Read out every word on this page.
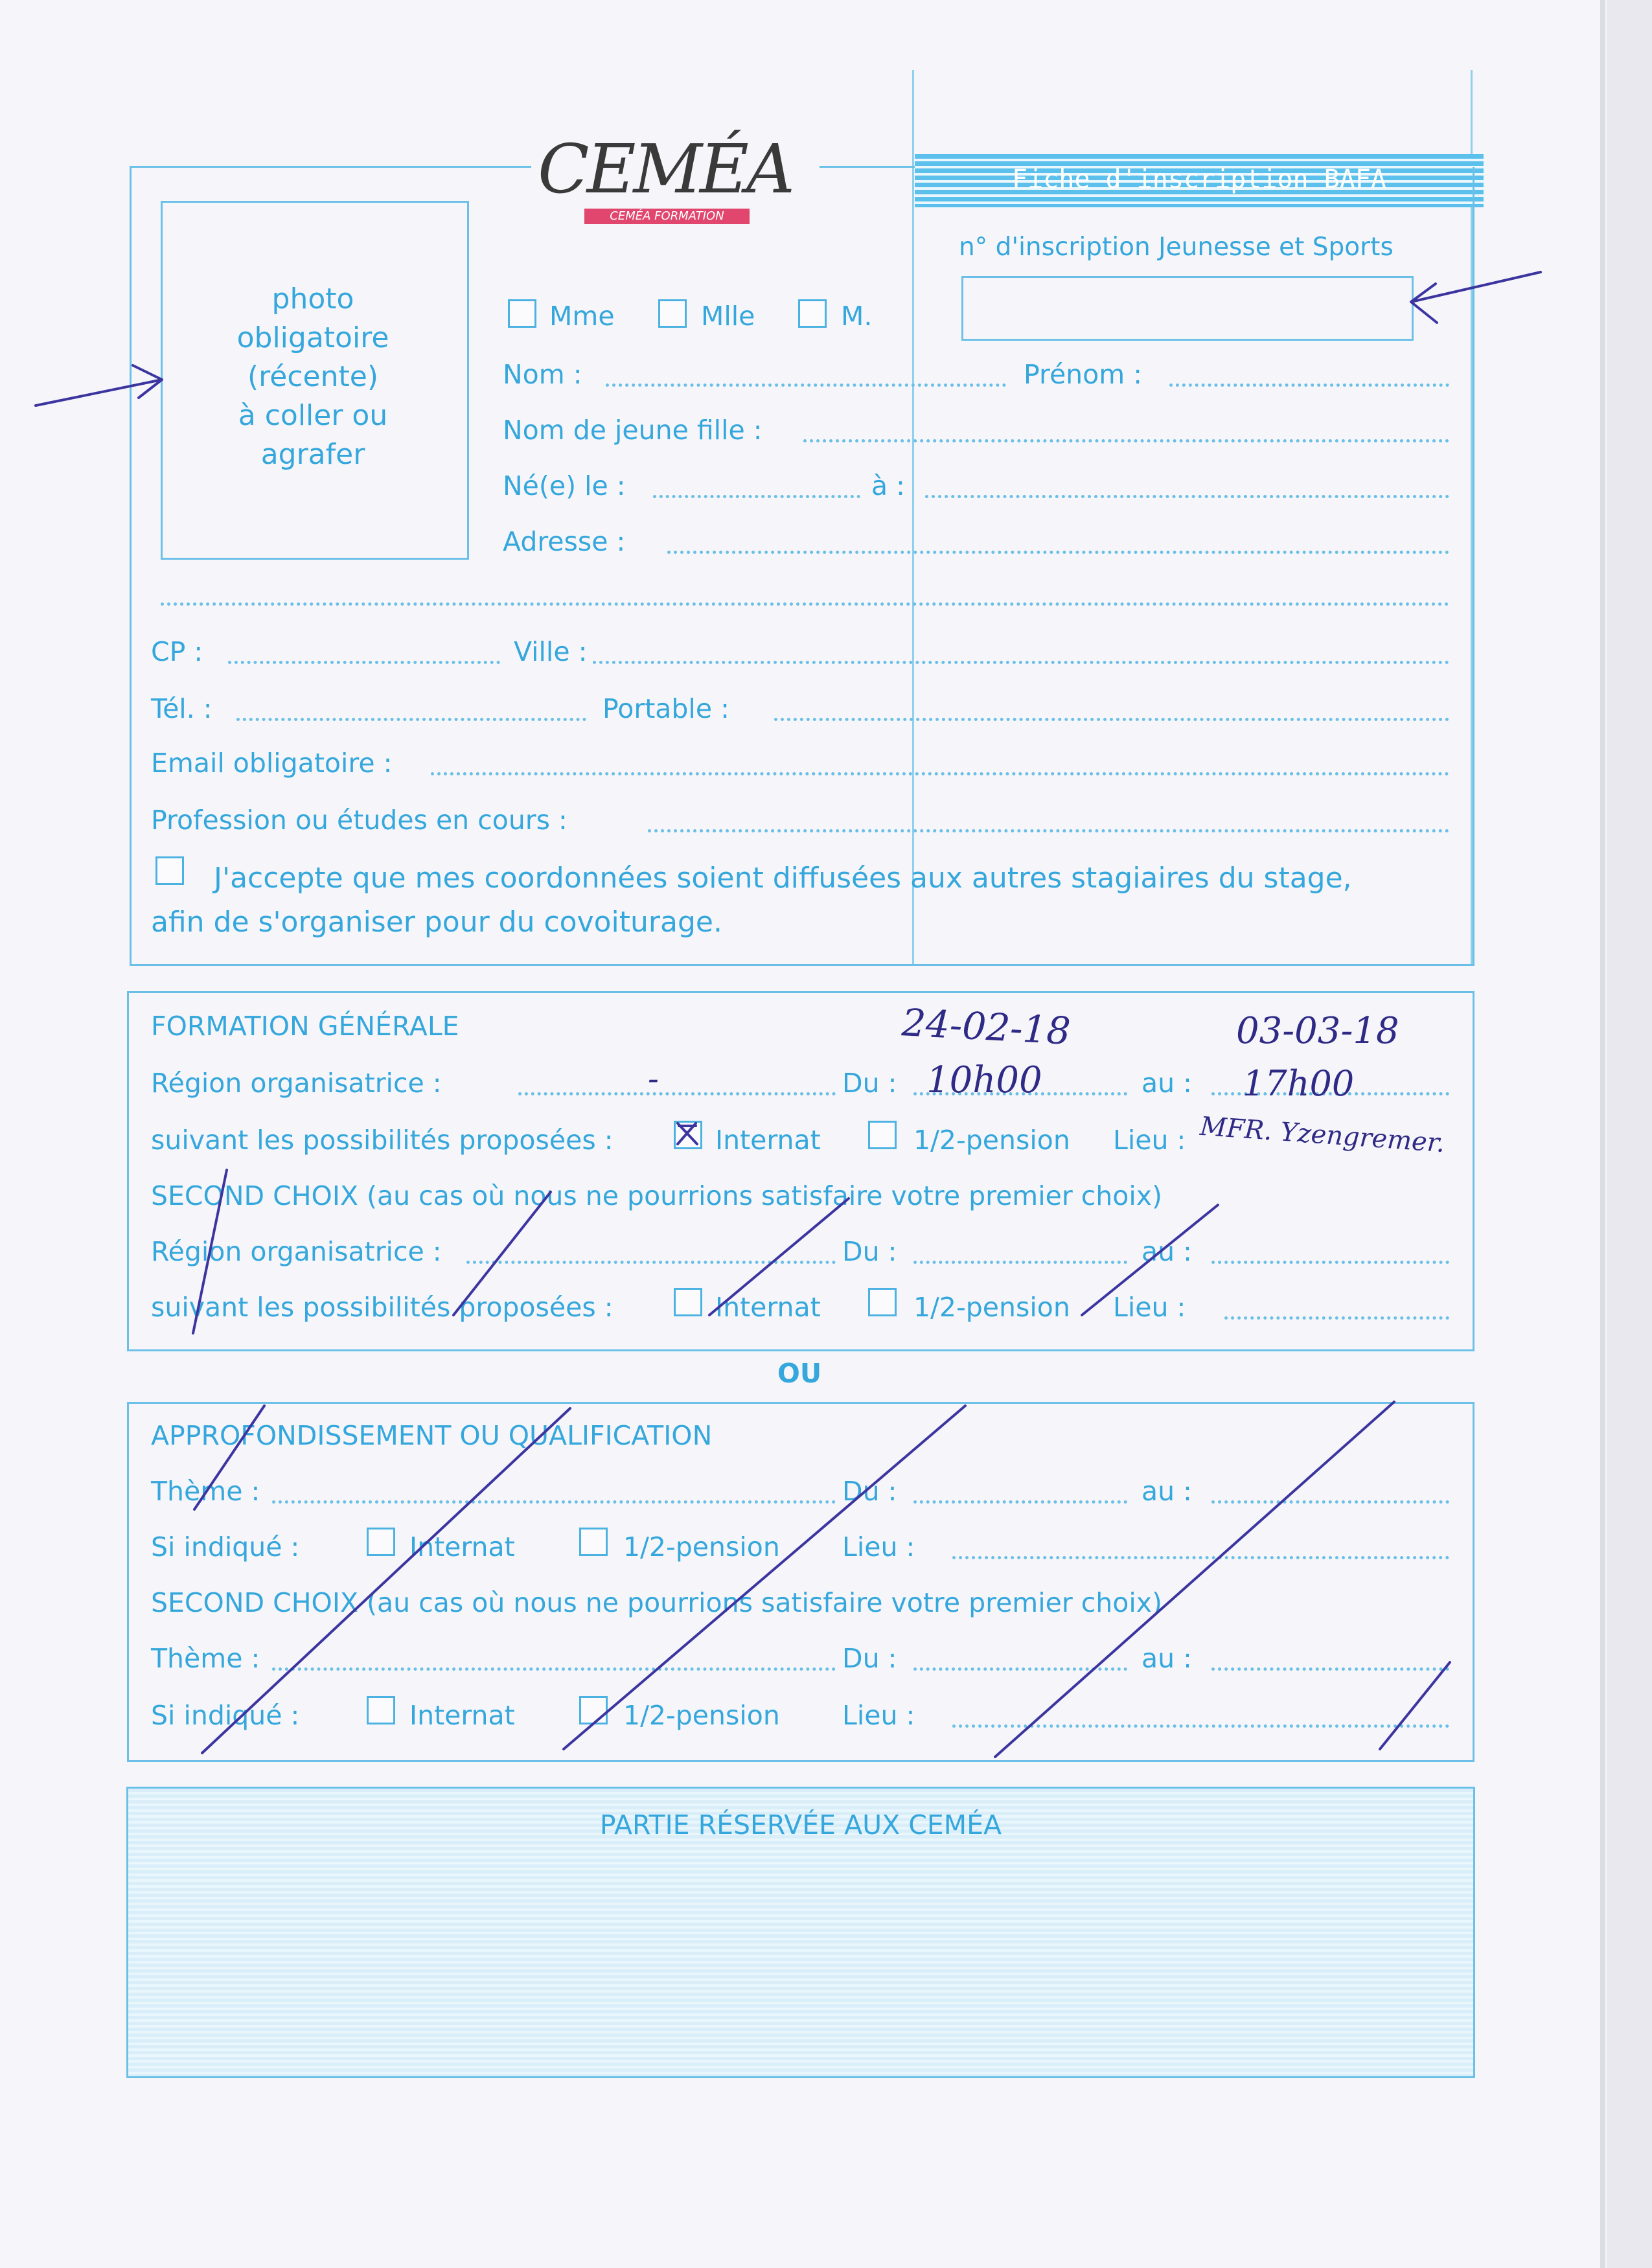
CEMÉA
CEMÉA FORMATION
Fiche d'inscription BAFA
n° d'inscription Jeunesse et Sports
photo
obligatoire
(récente)
à coller ou
agrafer
Mme	Mlle	M.
Nom :	Prénom :
Nom de jeune fille :
Né(e) le :	à :
Adresse :
CP :	Ville :
Tél. :	Portable :
Email obligatoire :
Profession ou études en cours :
J'accepte que mes coordonnées soient diffusées aux autres stagiaires du stage,
afin de s'organiser pour du covoiturage.
FORMATION GÉNÉRALE
Région organisatrice :	Du :	au :
suivant les possibilités proposées :	Internat	1/2-pension Lieu :
SECOND CHOIX (au cas où nous ne pourrions satisfaire votre premier choix)
Région organisatrice :	Du :	au :
suivant les possibilités proposées :	Internat	1/2-pension Lieu :
OU
APPROFONDISSEMENT OU QUALIFICATION
Thème :	Du :	au :
Si indiqué :	Internat	1/2-pension Lieu :
SECOND CHOIX (au cas où nous ne pourrions satisfaire votre premier choix)
Thème :	Du :	au :
Si indiqué :	Internat	1/2-pension Lieu :
PARTIE RÉSERVÉE AUX CEMÉA
24-02-18	03-03-18
10h00	17h00
-
MFR. Yzengremer.
